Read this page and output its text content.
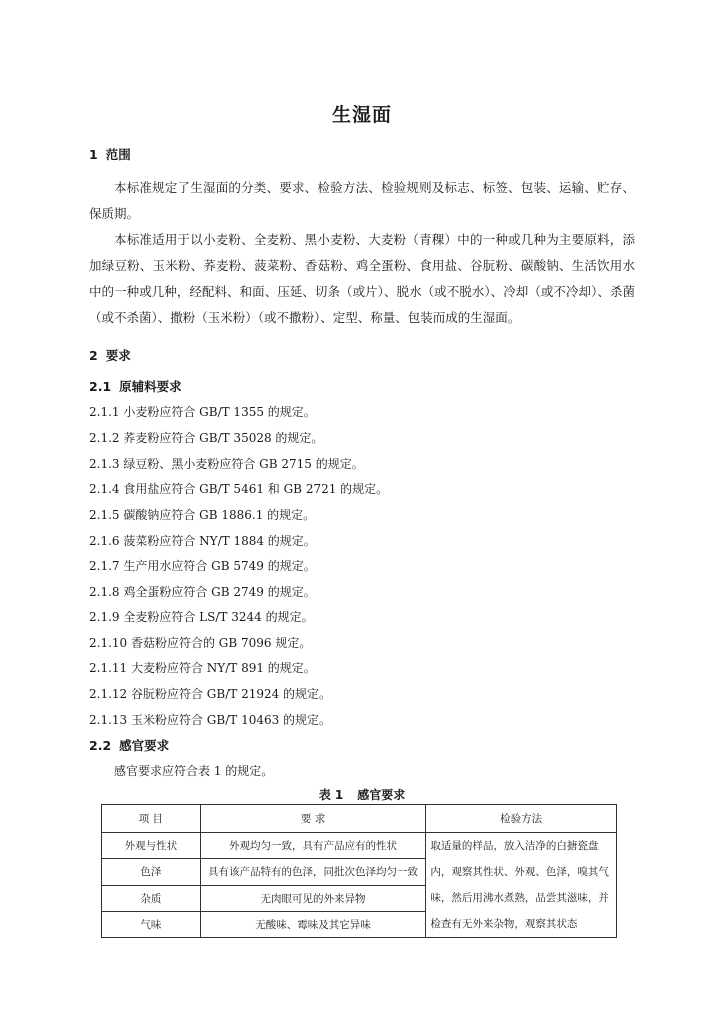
生湿面
1 范围
本标准规定了生湿面的分类、要求、检验方法、检验规则及标志、标签、包装、运输、贮存、保质期。
本标准适用于以小麦粉、全麦粉、黑小麦粉、大麦粉（青稞）中的一种或几种为主要原料，添加绿豆粉、玉米粉、荞麦粉、菠菜粉、香菇粉、鸡全蛋粉、食用盐、谷朊粉、碳酸钠、生活饮用水中的一种或几种，经配料、和面、压延、切条（或片）、脱水（或不脱水）、冷却（或不冷却）、杀菌（或不杀菌）、撒粉（玉米粉）（或不撒粉）、定型、称量、包装而成的生湿面。
2 要求
2.1 原辅料要求
2.1.1 小麦粉应符合 GB/T 1355 的规定。
2.1.2 荞麦粉应符合 GB/T 35028 的规定。
2.1.3 绿豆粉、黑小麦粉应符合 GB 2715 的规定。
2.1.4 食用盐应符合 GB/T 5461 和 GB 2721 的规定。
2.1.5 碳酸钠应符合 GB 1886.1 的规定。
2.1.6 菠菜粉应符合 NY/T 1884 的规定。
2.1.7 生产用水应符合 GB 5749 的规定。
2.1.8 鸡全蛋粉应符合 GB 2749 的规定。
2.1.9 全麦粉应符合 LS/T 3244 的规定。
2.1.10 香菇粉应符合的 GB 7096 规定。
2.1.11 大麦粉应符合 NY/T 891 的规定。
2.1.12 谷朊粉应符合 GB/T 21924 的规定。
2.1.13 玉米粉应符合 GB/T 10463 的规定。
2.2 感官要求
感官要求应符合表 1 的规定。
表 1 感官要求
项 目	要 求	检验方法
外观与性状	外观均匀一致，具有产品应有的性状	取适量的样品，放入洁净的白搪瓷盘内，观察其性状、外观、色泽，嗅其气味，然后用沸水煮熟，品尝其滋味，并检查有无外来杂物，观察其状态
色泽	具有该产品特有的色泽，同批次色泽均匀一致	
杂质	无肉眼可见的外来异物	
气味	无酸味、霉味及其它异味	
